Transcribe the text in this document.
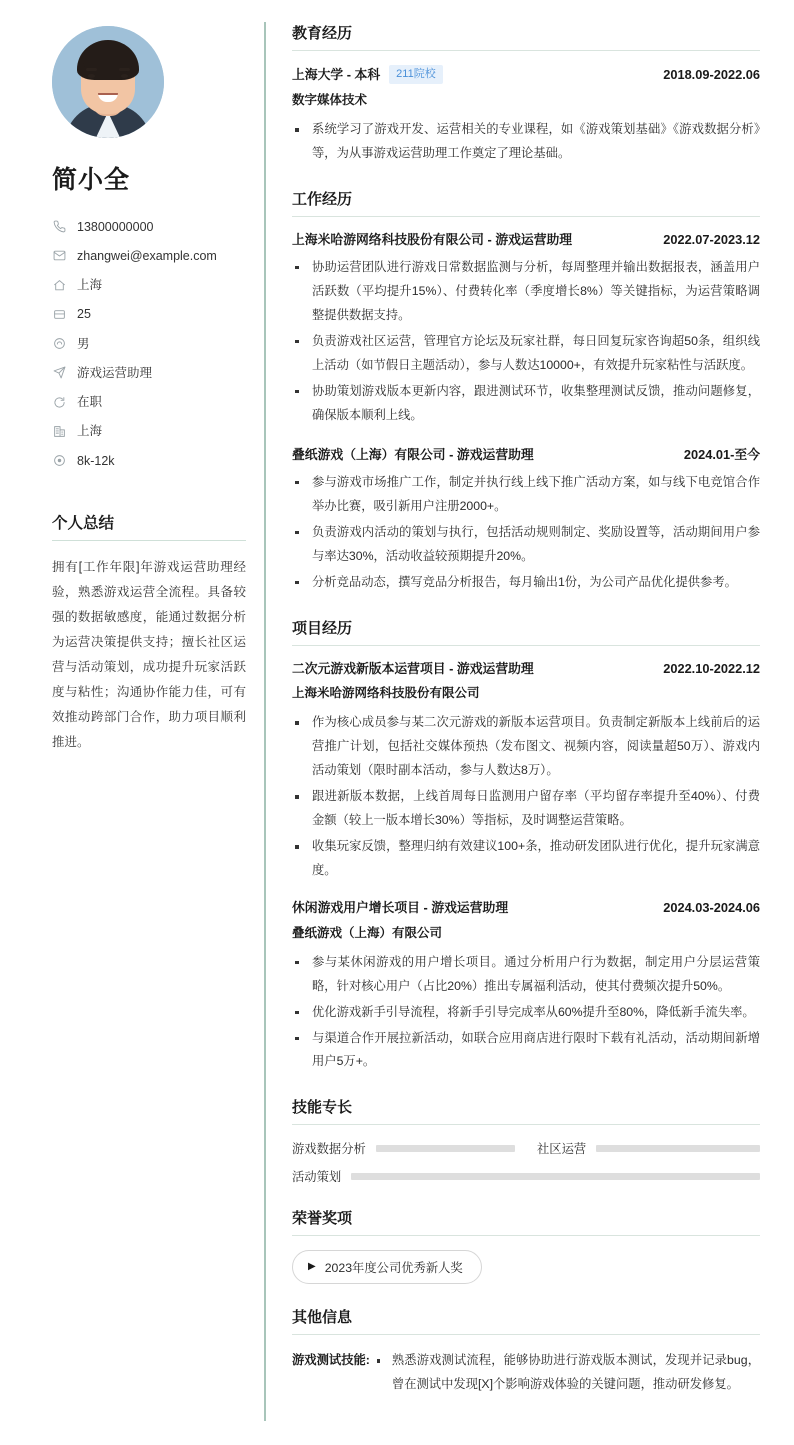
简小全
13800000000
zhangwei@example.com
上海
25
男
游戏运营助理
在职
上海
8k-12k
个人总结

拥有[工作年限]年游戏运营助理经验，熟悉游戏运营全流程。具备较强的数据敏感度，能通过数据分析为运营决策提供支持；擅长社区运营与活动策划，成功提升玩家活跃度与粘性；沟通协作能力佳，可有效推动跨部门合作，助力项目顺利推进。

教育经历
上海大学 - 本科	211院校	2018.09-2022.06
数字媒体技术
系统学习了游戏开发、运营相关的专业课程，如《游戏策划基础》《游戏数据分析》等，为从事游戏运营助理工作奠定了理论基础。
工作经历
上海米哈游网络科技股份有限公司 - 游戏运营助理	2022.07-2023.12
协助运营团队进行游戏日常数据监测与分析，每周整理并输出数据报表，涵盖用户活跃数（平均提升15%）、付费转化率（季度增长8%）等关键指标，为运营策略调整提供数据支持。
负责游戏社区运营，管理官方论坛及玩家社群，每日回复玩家咨询超50条，组织线上活动（如节假日主题活动），参与人数达10000+，有效提升玩家粘性与活跃度。
协助策划游戏版本更新内容，跟进测试环节，收集整理测试反馈，推动问题修复，确保版本顺利上线。
叠纸游戏（上海）有限公司 - 游戏运营助理	2024.01-至今
参与游戏市场推广工作，制定并执行线上线下推广活动方案，如与线下电竞馆合作举办比赛，吸引新用户注册2000+。
负责游戏内活动的策划与执行，包括活动规则制定、奖励设置等，活动期间用户参与率达30%，活动收益较预期提升20%。
分析竞品动态，撰写竞品分析报告，每月输出1份，为公司产品优化提供参考。
项目经历
二次元游戏新版本运营项目 - 游戏运营助理	2022.10-2022.12
上海米哈游网络科技股份有限公司
作为核心成员参与某二次元游戏的新版本运营项目。负责制定新版本上线前后的运营推广计划，包括社交媒体预热（发布图文、视频内容，阅读量超50万）、游戏内活动策划（限时副本活动，参与人数达8万）。
跟进新版本数据，上线首周每日监测用户留存率（平均留存率提升至40%）、付费金额（较上一版本增长30%）等指标，及时调整运营策略。
收集玩家反馈，整理归纳有效建议100+条，推动研发团队进行优化，提升玩家满意度。
休闲游戏用户增长项目 - 游戏运营助理	2024.03-2024.06
叠纸游戏（上海）有限公司
参与某休闲游戏的用户增长项目。通过分析用户行为数据，制定用户分层运营策略，针对核心用户（占比20%）推出专属福利活动，使其付费频次提升50%。
优化游戏新手引导流程，将新手引导完成率从60%提升至80%，降低新手流失率。
与渠道合作开展拉新活动，如联合应用商店进行限时下载有礼活动，活动期间新增用户5万+。
技能专长
游戏数据分析	社区运营
活动策划
荣誉奖项
▶ 2023年度公司优秀新人奖
其他信息
游戏测试技能:	熟悉游戏测试流程，能够协助进行游戏版本测试，发现并记录bug，曾在测试中发现[X]个影响游戏体验的关键问题，推动研发修复。
